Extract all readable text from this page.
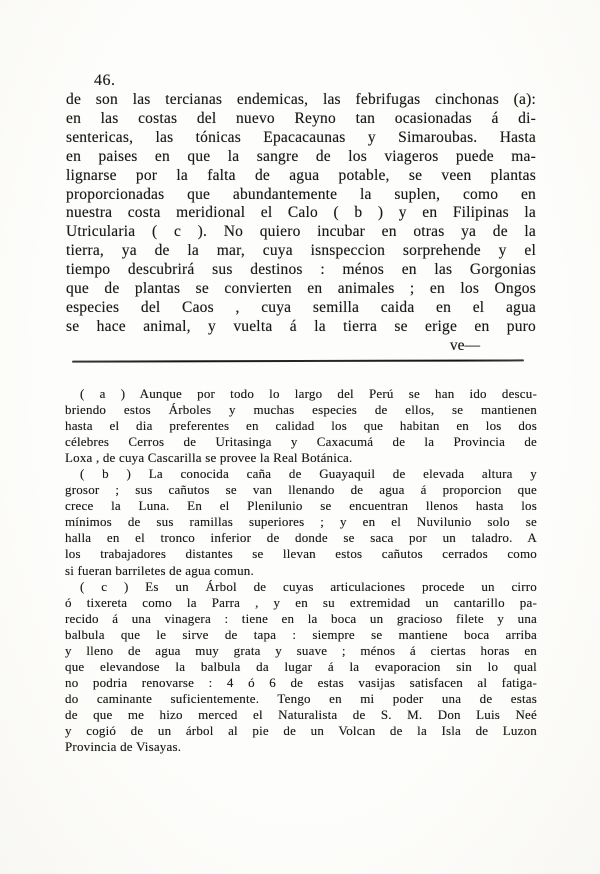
46.
de son las tercianas endemicas, las febrifugas cinchonas (a):
en las costas del nuevo Reyno tan ocasionadas á di-
sentericas, las tónicas Epacacaunas y Simaroubas. Hasta
en paises en que la sangre de los viageros puede ma-
lignarse por la falta de agua potable, se veen plantas
proporcionadas que abundantemente la suplen, como en
nuestra costa meridional el Calo ( b ) y en Filipinas la
Utricularia ( c ). No quiero incubar en otras ya de la
tierra, ya de la mar, cuya isnspeccion sorprehende y el
tiempo descubrirá sus destinos : ménos en las Gorgonias
que de plantas se convierten en animales ; en los Ongos
especies del Caos , cuya semilla caida en el agua
se hace animal, y vuelta á la tierra se erige en puro
ve—
( a ) Aunque por todo lo largo del Perú se han ido descu-
briendo estos Árboles y muchas especies de ellos, se mantienen
hasta el dia preferentes en calidad los que habitan en los dos
célebres Cerros de Uritasinga y Caxacumá de la Provincia de
Loxa , de cuya Cascarilla se provee la Real Botánica.
( b ) La conocida caña de Guayaquil de elevada altura y
grosor ; sus cañutos se van llenando de agua á proporcion que
crece la Luna. En el Plenilunio se encuentran llenos hasta los
mínimos de sus ramillas superiores ; y en el Nuvilunio solo se
halla en el tronco inferior de donde se saca por un taladro. A
los trabajadores distantes se llevan estos cañutos cerrados como
si fueran barriletes de agua comun.
( c ) Es un Árbol de cuyas articulaciones procede un cirro
ó tixereta como la Parra , y en su extremidad un cantarillo pa-
recido á una vinagera : tiene en la boca un gracioso filete y una
balbula que le sirve de tapa : siempre se mantiene boca arriba
y lleno de agua muy grata y suave ; ménos á ciertas horas en
que elevandose la balbula da lugar á la evaporacion sin lo qual
no podria renovarse : 4 ó 6 de estas vasijas satisfacen al fatiga-
do caminante suficientemente. Tengo en mi poder una de estas
de que me hizo merced el Naturalista de S. M. Don Luis Neé
y cogió de un árbol al pie de un Volcan de la Isla de Luzon
Provincia de Visayas.
